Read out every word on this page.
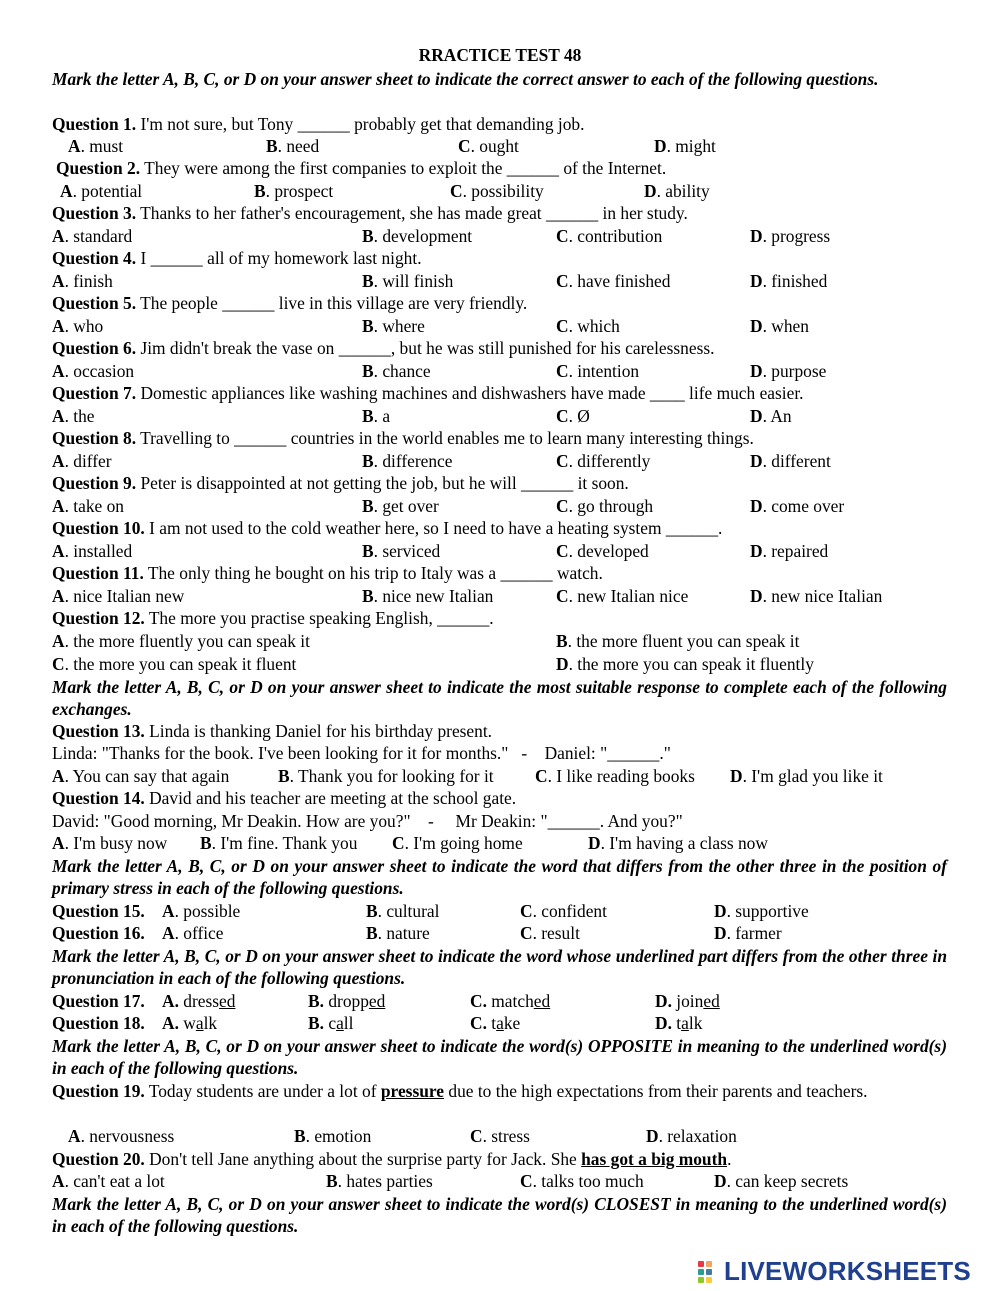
RRACTICE TEST 48
Mark the letter A, B, C, or D on your answer sheet to indicate the correct answer to each of the following questions.
Question 1. I'm not sure, but Tony ______ probably get that demanding job.
A. must	B. need	C. ought	D. might
Question 2. They were among the first companies to exploit the ______ of the Internet.
A. potential	B. prospect	C. possibility	D. ability
Question 3. Thanks to her father's encouragement, she has made great ______ in her study.
A. standard	B. development	C. contribution	D. progress
Question 4. I ______ all of my homework last night.
A. finish	B. will finish	C. have finished	D. finished
Question 5. The people ______ live in this village are very friendly.
A. who	B. where	C. which	D. when
Question 6. Jim didn't break the vase on ______, but he was still punished for his carelessness.
A. occasion	B. chance	C. intention	D. purpose
Question 7. Domestic appliances like washing machines and dishwashers have made ____ life much easier.
A. the	B. a	C. Ø	D. An
Question 8. Travelling to ______ countries in the world enables me to learn many interesting things.
A. differ	B. difference	C. differently	D. different
Question 9. Peter is disappointed at not getting the job, but he will ______ it soon.
A. take on	B. get over	C. go through	D. come over
Question 10. I am not used to the cold weather here, so I need to have a heating system ______.
A. installed	B. serviced	C. developed	D. repaired
Question 11. The only thing he bought on his trip to Italy was a ______ watch.
A. nice Italian new	B. nice new Italian	C. new Italian nice	D. new nice Italian
Question 12. The more you practise speaking English, ______.
A. the more fluently you can speak it	B. the more fluent you can speak it
C. the more you can speak it fluent	D. the more you can speak it fluently
Mark the letter A, B, C, or D on your answer sheet to indicate the most suitable response to complete each of the following exchanges.
Question 13. Linda is thanking Daniel for his birthday present.
Linda: "Thanks for the book. I've been looking for it for months."   -    Daniel: "______."
A. You can say that again	B. Thank you for looking for it C. I like reading books D. I'm glad you like it
Question 14. David and his teacher are meeting at the school gate.
David: "Good morning, Mr Deakin. How are you?"    -     Mr Deakin: "______. And you?"
A. I'm busy now B. I'm fine. Thank you C. I'm going home	D. I'm having a class now
Mark the letter A, B, C, or D on your answer sheet to indicate the word that differs from the other three in the position of primary stress in each of the following questions.
Question 15. A. possible	B. cultural	C. confident	D. supportive
Question 16. A. office	B. nature	C. result	D. farmer
Mark the letter A, B, C, or D on your answer sheet to indicate the word whose underlined part differs from the other three in pronunciation in each of the following questions.
Question 17. A. dressed	B. dropped	C. matched	D. joined
Question 18. A. walk	B. call	C. take	D. talk
Mark the letter A, B, C, or D on your answer sheet to indicate the word(s) OPPOSITE in meaning to the underlined word(s) in each of the following questions.
Question 19. Today students are under a lot of pressure due to the high expectations from their parents and teachers.
A. nervousness	B. emotion	C. stress	D. relaxation
Question 20. Don't tell Jane anything about the surprise party for Jack. She has got a big mouth.
A. can't eat a lot	B. hates parties	C. talks too much	D. can keep secrets
Mark the letter A, B, C, or D on your answer sheet to indicate the word(s) CLOSEST in meaning to the underlined word(s) in each of the following questions.
LIVEWORKSHEETS
